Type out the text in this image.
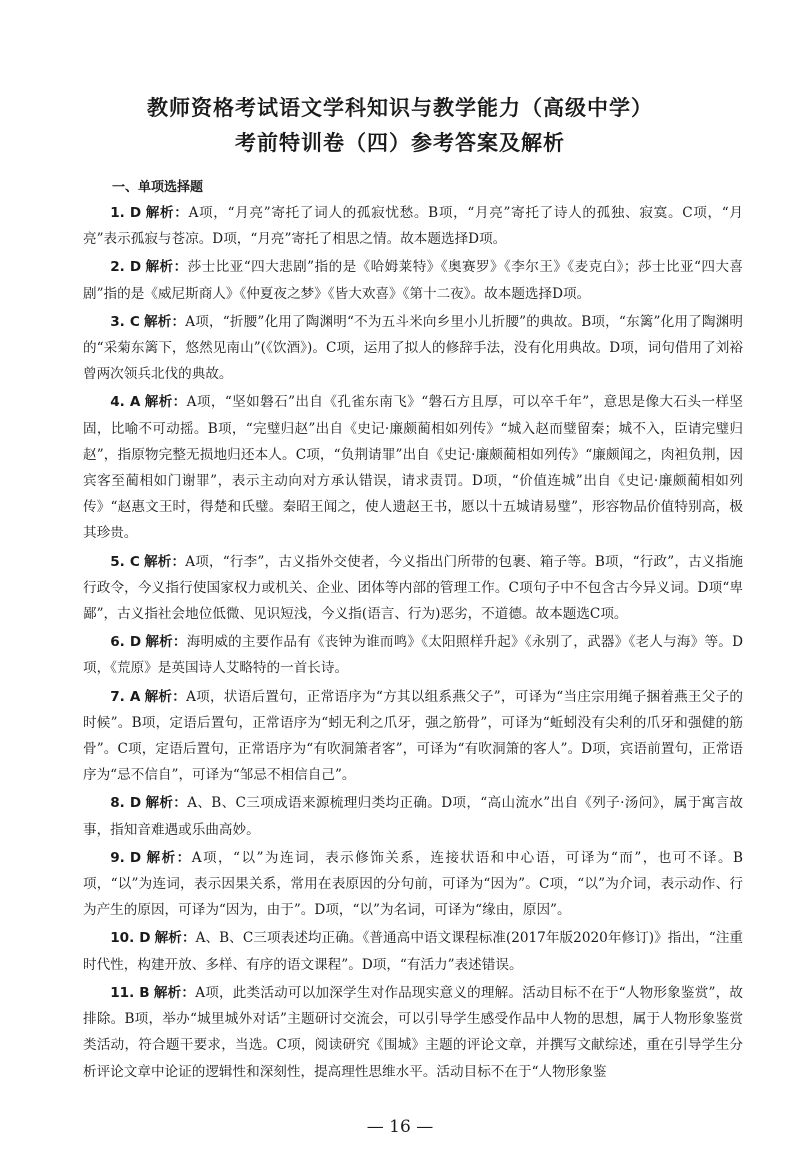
教师资格考试语文学科知识与教学能力（高级中学）
考前特训卷（四）参考答案及解析
一、单项选择题

1. D 解析：A项，“月亮”寄托了词人的孤寂忧愁。B项，“月亮”寄托了诗人的孤独、寂寞。C项，“月亮”表示孤寂与苍凉。D项，“月亮”寄托了相思之情。故本题选择D项。

2. D 解析：莎士比亚“四大悲剧”指的是《哈姆莱特》《奥赛罗》《李尔王》《麦克白》；莎士比亚“四大喜剧”指的是《威尼斯商人》《仲夏夜之梦》《皆大欢喜》《第十二夜》。故本题选择D项。

3. C 解析：A项，“折腰”化用了陶渊明“不为五斗米向乡里小儿折腰”的典故。B项，“东篱”化用了陶渊明的“采菊东篱下，悠然见南山”(《饮酒》)。C项，运用了拟人的修辞手法，没有化用典故。D项，词句借用了刘裕曾两次领兵北伐的典故。

4. A 解析：A项，“坚如磐石”出自《孔雀东南飞》“磐石方且厚，可以卒千年”，意思是像大石头一样坚固，比喻不可动摇。B项，“完璧归赵”出自《史记·廉颇蔺相如列传》“城入赵而璧留秦；城不入，臣请完璧归赵”，指原物完整无损地归还本人。C项，“负荆请罪”出自《史记·廉颇蔺相如列传》“廉颇闻之，肉袒负荆，因宾客至蔺相如门谢罪”，表示主动向对方承认错误，请求责罚。D项，“价值连城”出自《史记·廉颇蔺相如列传》“赵惠文王时，得楚和氏璧。秦昭王闻之，使人遗赵王书，愿以十五城请易璧”，形容物品价值特别高，极其珍贵。

5. C 解析：A项，“行李”，古义指外交使者，今义指出门所带的包裹、箱子等。B项，“行政”，古义指施行政令，今义指行使国家权力或机关、企业、团体等内部的管理工作。C项句子中不包含古今异义词。D项“卑鄙”，古义指社会地位低微、见识短浅，今义指(语言、行为)恶劣，不道德。故本题选C项。

6. D 解析：海明威的主要作品有《丧钟为谁而鸣》《太阳照样升起》《永别了，武器》《老人与海》等。D项，《荒原》是英国诗人艾略特的一首长诗。

7. A 解析：A项，状语后置句，正常语序为“方其以组系燕父子”，可译为“当庄宗用绳子捆着燕王父子的时候”。B项，定语后置句，正常语序为“蚓无利之爪牙，强之筋骨”，可译为“蚯蚓没有尖利的爪牙和强健的筋骨”。C项，定语后置句，正常语序为“有吹洞箫者客”，可译为“有吹洞箫的客人”。D项，宾语前置句，正常语序为“忌不信自”，可译为“邹忌不相信自己”。

8. D 解析：A、B、C三项成语来源梳理归类均正确。D项，“高山流水”出自《列子·汤问》，属于寓言故事，指知音难遇或乐曲高妙。

9. D 解析：A项，“以”为连词，表示修饰关系，连接状语和中心语，可译为“而”，也可不译。B项，“以”为连词，表示因果关系，常用在表原因的分句前，可译为“因为”。C项，“以”为介词，表示动作、行为产生的原因，可译为“因为，由于”。D项，“以”为名词，可译为“缘由，原因”。

10. D 解析：A、B、C三项表述均正确。《普通高中语文课程标准(2017年版2020年修订)》指出，“注重时代性，构建开放、多样、有序的语文课程”。D项，“有活力”表述错误。

11. B 解析：A项，此类活动可以加深学生对作品现实意义的理解。活动目标不在于“人物形象鉴赏”，故排除。B项，举办“城里城外对话”主题研讨交流会，可以引导学生感受作品中人物的思想，属于人物形象鉴赏类活动，符合题干要求，当选。C项，阅读研究《围城》主题的评论文章，并撰写文献综述，重在引导学生分析评论文章中论证的逻辑性和深刻性，提高理性思维水平。活动目标不在于“人物形象鉴

— 16 —
